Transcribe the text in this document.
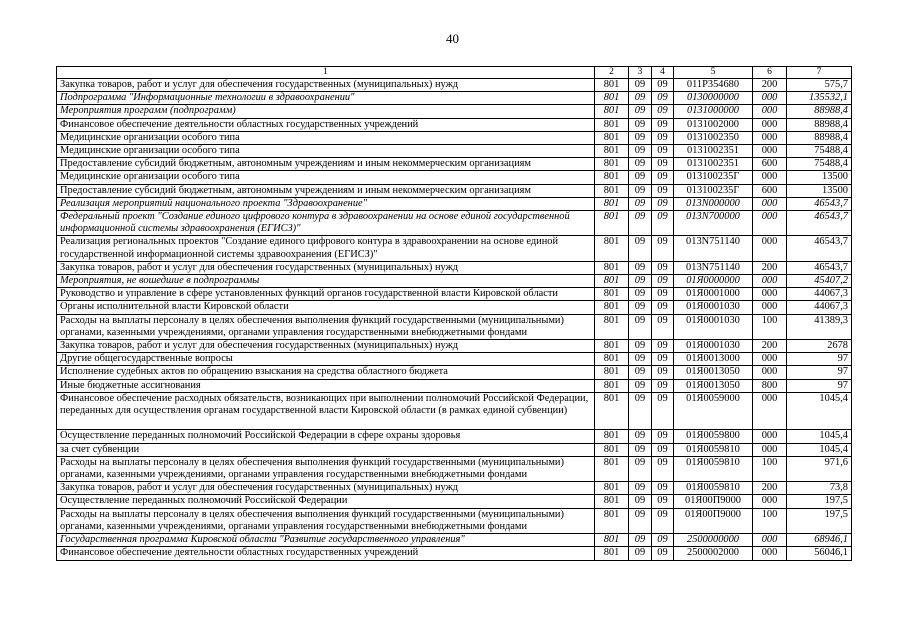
40
1	2	3	4	5	6	7
Закупка товаров, работ и услуг для обеспечения государственных (муниципальных) нужд	801	09	09	011Р354680	200	575,7
Подпрограмма "Информационные технологии в здравоохранении"	801	09	09	0130000000	000	135532,1
Мероприятия программ (подпрограмм)	801	09	09	0131000000	000	88988,4
Финансовое обеспечение деятельности областных государственных учреждений	801	09	09	0131002000	000	88988,4
Медицинские организации особого типа	801	09	09	0131002350	000	88988,4
Медицинские организации особого типа	801	09	09	0131002351	000	75488,4
Предоставление субсидий бюджетным, автономным учреждениям и иным некоммерческим организациям	801	09	09	0131002351	600	75488,4
Медицинские организации особого типа	801	09	09	013100235Г	000	13500
Предоставление субсидий бюджетным, автономным учреждениям и иным некоммерческим организациям	801	09	09	013100235Г	600	13500
Реализация мероприятий национального проекта "Здравоохранение"	801	09	09	013N000000	000	46543,7
Федеральный проект "Создание единого цифрового контура в здравоохранении на основе единой государственной информационной системы здравоохранения (ЕГИСЗ)"	801	09	09	013N700000	000	46543,7
Реализация региональных проектов "Создание единого цифрового контура в здравоохранении на основе единой государственной информационной системы здравоохранения (ЕГИСЗ)"	801	09	09	013N751140	000	46543,7
Закупка товаров, работ и услуг для обеспечения государственных (муниципальных) нужд	801	09	09	013N751140	200	46543,7
Мероприятия, не вошедшие в подпрограммы	801	09	09	01Я0000000	000	45407,2
Руководство и управление в сфере установленных функций органов государственной власти Кировской области	801	09	09	01Я0001000	000	44067,3
Органы исполнительной власти Кировской области	801	09	09	01Я0001030	000	44067,3
Расходы на выплаты персоналу в целях обеспечения выполнения функций государственными (муниципальными) органами, казенными учреждениями, органами управления государственными внебюджетными фондами	801	09	09	01Я0001030	100	41389,3
Закупка товаров, работ и услуг для обеспечения государственных (муниципальных) нужд	801	09	09	01Я0001030	200	2678
Другие общегосударственные вопросы	801	09	09	01Я0013000	000	97
Исполнение судебных актов по обращению взыскания на средства областного бюджета	801	09	09	01Я0013050	000	97
Иные бюджетные ассигнования	801	09	09	01Я0013050	800	97
Финансовое обеспечение расходных обязательств, возникающих при выполнении полномочий Российской Федерации, переданных для осуществления органам государственной власти Кировской области (в рамках единой субвенции)	801	09	09	01Я0059000	000	1045,4
Осуществление переданных полномочий Российской Федерации в сфере охраны здоровья	801	09	09	01Я0059800	000	1045,4
за счет субвенции	801	09	09	01Я0059810	000	1045,4
Расходы на выплаты персоналу в целях обеспечения выполнения функций государственными (муниципальными) органами, казенными учреждениями, органами управления государственными внебюджетными фондами	801	09	09	01Я0059810	100	971,6
Закупка товаров, работ и услуг для обеспечения государственных (муниципальных) нужд	801	09	09	01Я0059810	200	73,8
Осуществление переданных полномочий Российской Федерации	801	09	09	01Я00П9000	000	197,5
Расходы на выплаты персоналу в целях обеспечения выполнения функций государственными (муниципальными) органами, казенными учреждениями, органами управления государственными внебюджетными фондами	801	09	09	01Я00П9000	100	197,5
Государственная программа Кировской области "Развитие государственного управления"	801	09	09	2500000000	000	68946,1
Финансовое обеспечение деятельности областных государственных учреждений	801	09	09	2500002000	000	56046,1
